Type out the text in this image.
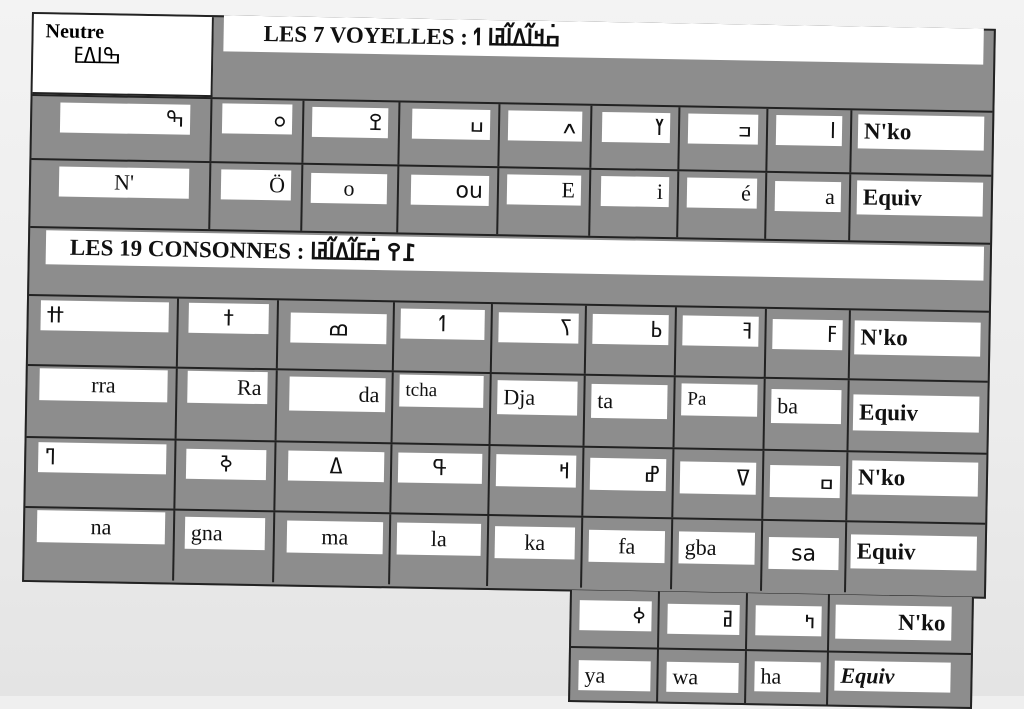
Neutre
ߒߊߡߓ
LES 7 VOYELLES : ߛ߭ߞߊ߬ߡߊ߬ߥߊ ߗ
ߒ	ߋ	ߐ	ߎ	ߍ	ߌ	ߏ	ߊ N'ko
N'	Ö	o	ou	E	i	é	a Equiv
LES 19 CONSONNES : ߁߉ ߛ߭ߓߊ߬ߡߊ߬ߥߊ
ߚ	ߙ	ߘ	ߗ	ߖ	ߕ	ߔ	ߓ N'ko
rra	Ra	da	tcha	Dja	ta	Pa	ba	Equiv
ߣ	ߢ	ߡ	ߟ	ߞ	ߝ	ߜ	ߛ N'ko
na	gna	ma	la	ka	fa	gba	sa	Equiv
ߦ	ߥ	ߤ	N'ko
ya	wa	ha	Equiv
